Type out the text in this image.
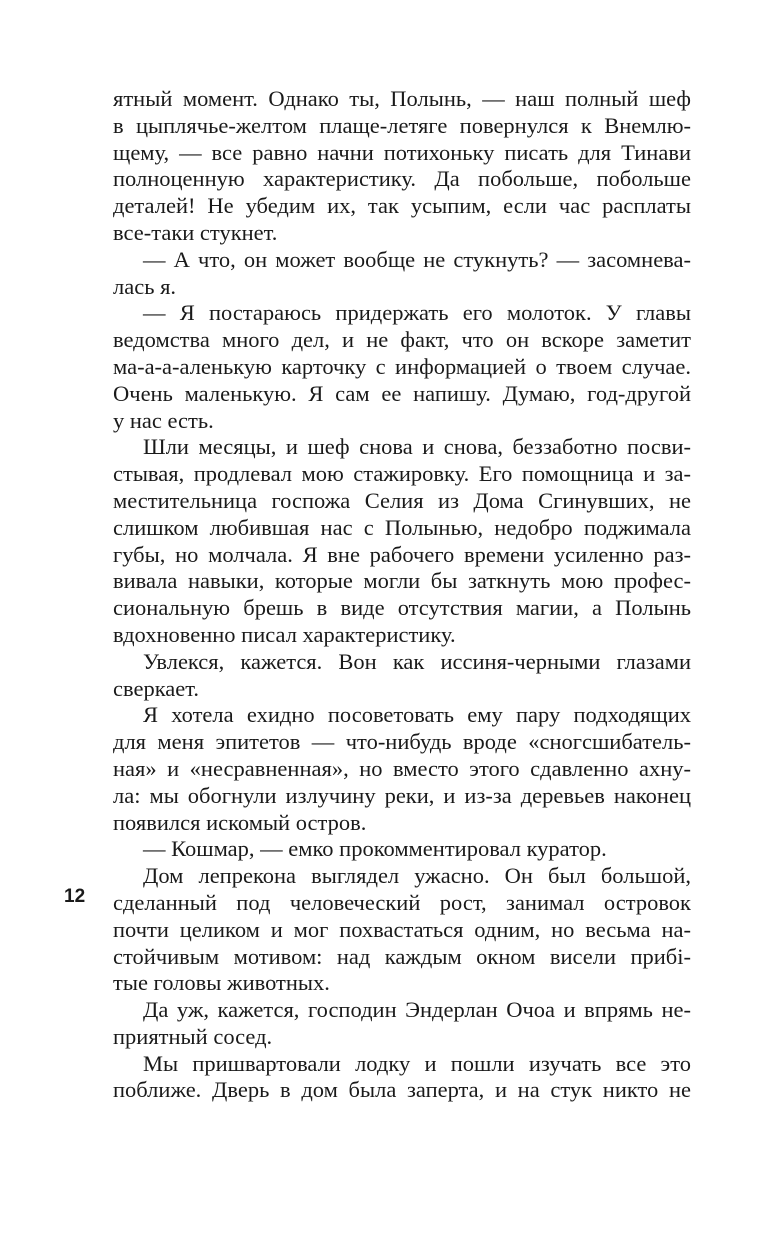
ятный момент. Однако ты, Полынь, — наш полный шеф
в цыплячье-желтом плаще-летяге повернулся к Внемлю-
щему, — все равно начни потихоньку писать для Тинави
полноценную характеристику. Да побольше, побольше
деталей! Не убедим их, так усыпим, если час расплаты
все-таки стукнет.
— А что, он может вообще не стукнуть? — засомнева-
лась я.
— Я постараюсь придержать его молоток. У главы
ведомства много дел, и не факт, что он вскоре заметит
ма-а-а-аленькую карточку с информацией о твоем случае.
Очень маленькую. Я сам ее напишу. Думаю, год-другой
у нас есть.
Шли месяцы, и шеф снова и снова, беззаботно посви-
стывая, продлевал мою стажировку. Его помощница и за-
местительница госпожа Селия из Дома Сгинувших, не
слишком любившая нас с Полынью, недобро поджимала
губы, но молчала. Я вне рабочего времени усиленно раз-
вивала навыки, которые могли бы заткнуть мою профес-
сиональную брешь в виде отсутствия магии, а Полынь
вдохновенно писал характеристику.
Увлекся, кажется. Вон как иссиня-черными глазами
сверкает.
Я хотела ехидно посоветовать ему пару подходящих
для меня эпитетов — что-нибудь вроде «сногсшибатель-
ная» и «несравненная», но вместо этого сдавленно ахну-
ла: мы обогнули излучину реки, и из-за деревьев наконец
появился искомый остров.
— Кошмар, — емко прокомментировал куратор.
Дом лепрекона выглядел ужасно. Он был большой,
сделанный под человеческий рост, занимал островок
почти целиком и мог похвастаться одним, но весьма на-
стойчивым мотивом: над каждым окном висели прибі-
тые головы животных.
Да уж, кажется, господин Эндерлан Очоа и впрямь не-
приятный сосед.
Мы пришвартовали лодку и пошли изучать все это
поближе. Дверь в дом была заперта, и на стук никто не
12
